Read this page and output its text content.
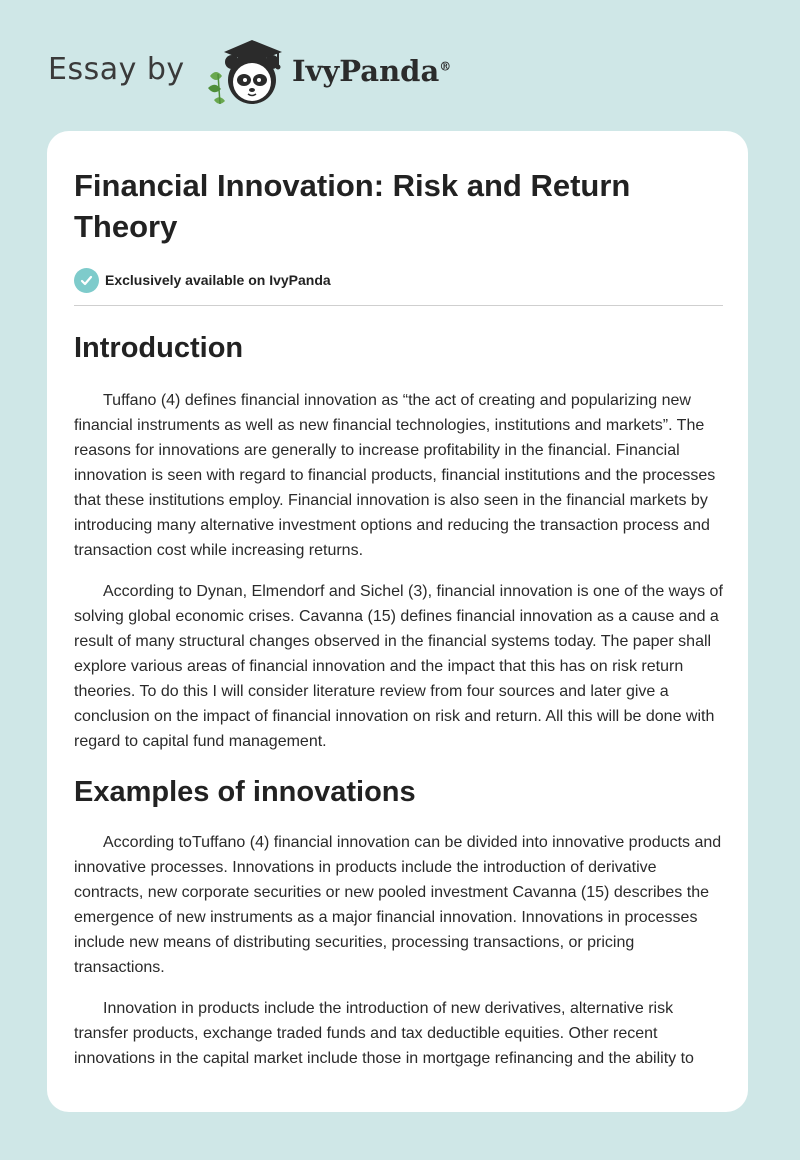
Essay by	IvyPanda®
Financial Innovation: Risk and Return Theory
Exclusively available on IvyPanda
Introduction

Tuffano (4) defines financial innovation as “the act of creating and popularizing new financial instruments as well as new financial technologies, institutions and markets”. The reasons for innovations are generally to increase profitability in the financial. Financial innovation is seen with regard to financial products, financial institutions and the processes that these institutions employ. Financial innovation is also seen in the financial markets by introducing many alternative investment options and reducing the transaction process and transaction cost while increasing returns.

According to Dynan, Elmendorf and Sichel (3), financial innovation is one of the ways of solving global economic crises. Cavanna (15) defines financial innovation as a cause and a result of many structural changes observed in the financial systems today. The paper shall explore various areas of financial innovation and the impact that this has on risk return theories. To do this I will consider literature review from four sources and later give a conclusion on the impact of financial innovation on risk and return. All this will be done with regard to capital fund management.

Examples of innovations

According toTuffano (4) financial innovation can be divided into innovative products and innovative processes. Innovations in products include the introduction of derivative contracts, new corporate securities or new pooled investment Cavanna (15) describes the emergence of new instruments as a major financial innovation. Innovations in processes include new means of distributing securities, processing transactions, or pricing transactions.

Innovation in products include the introduction of new derivatives, alternative risk transfer products, exchange traded funds and tax deductible equities. Other recent innovations in the capital market include those in mortgage refinancing and the ability to
